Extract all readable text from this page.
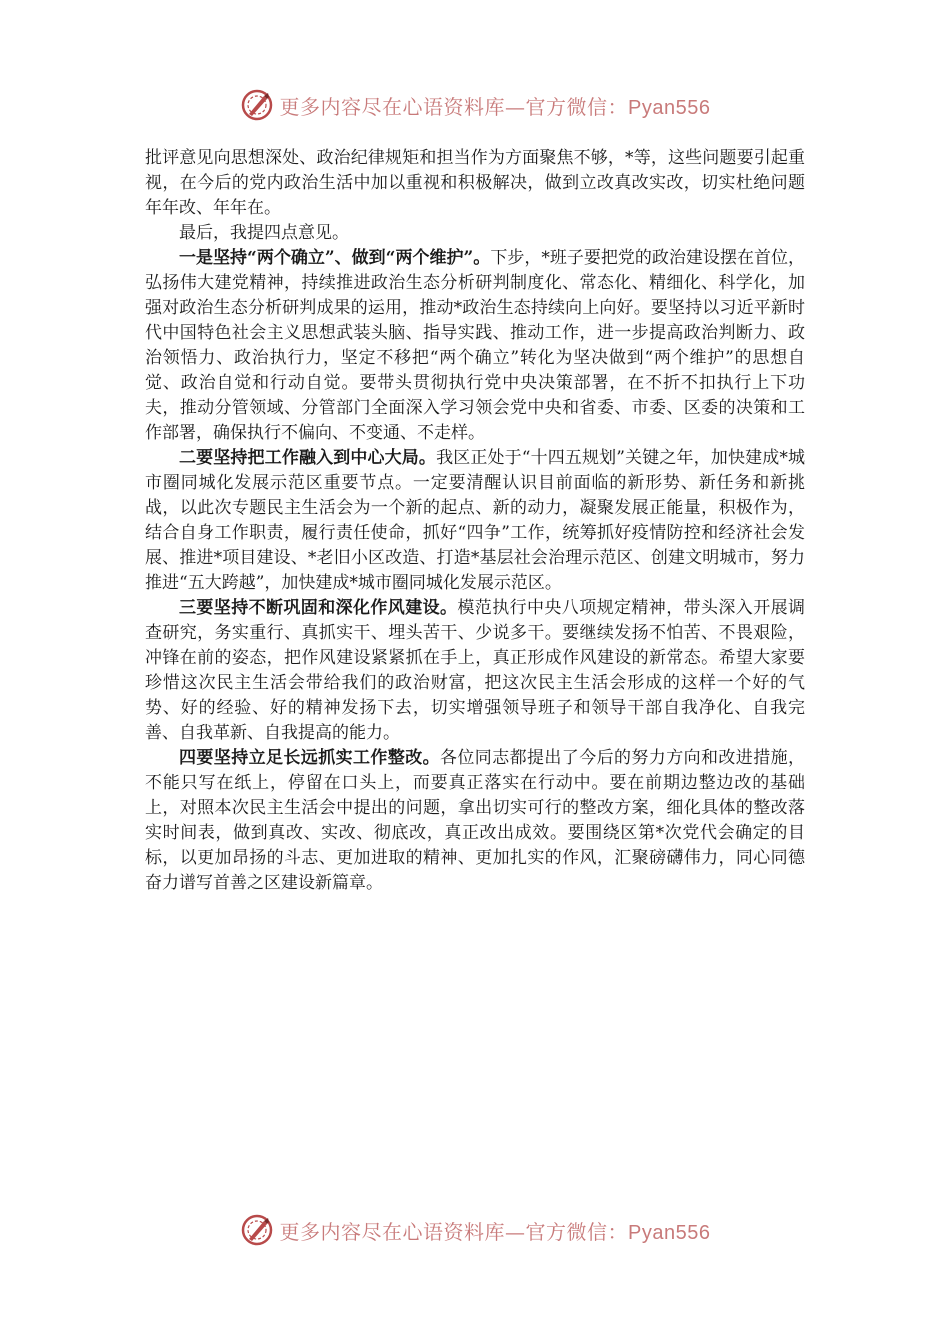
更多内容尽在心语资料库—官方微信：Pyan556

批评意见向思想深处、政治纪律规矩和担当作为方面聚焦不够，*等，这些问题要引起重视，在今后的党内政治生活中加以重视和积极解决，做到立改真改实改，切实杜绝问题年年改、年年在。

最后，我提四点意见。

一是坚持“两个确立”、做到“两个维护”。下步，*班子要把党的政治建设摆在首位，弘扬伟大建党精神，持续推进政治生态分析研判制度化、常态化、精细化、科学化，加强对政治生态分析研判成果的运用，推动*政治生态持续向上向好。要坚持以习近平新时代中国特色社会主义思想武装头脑、指导实践、推动工作，进一步提高政治判断力、政治领悟力、政治执行力，坚定不移把“两个确立”转化为坚决做到“两个维护”的思想自觉、政治自觉和行动自觉。要带头贯彻执行党中央决策部署，在不折不扣执行上下功夫，推动分管领域、分管部门全面深入学习领会党中央和省委、市委、区委的决策和工作部署，确保执行不偏向、不变通、不走样。

二要坚持把工作融入到中心大局。我区正处于“十四五规划”关键之年，加快建成*城市圈同城化发展示范区重要节点。一定要清醒认识目前面临的新形势、新任务和新挑战，以此次专题民主生活会为一个新的起点、新的动力，凝聚发展正能量，积极作为，结合自身工作职责，履行责任使命，抓好“四争”工作，统筹抓好疫情防控和经济社会发展、推进*项目建设、*老旧小区改造、打造*基层社会治理示范区、创建文明城市，努力推进“五大跨越”，加快建成*城市圈同城化发展示范区。

三要坚持不断巩固和深化作风建设。模范执行中央八项规定精神，带头深入开展调查研究，务实重行、真抓实干、埋头苦干、少说多干。要继续发扬不怕苦、不畏艰险，冲锋在前的姿态，把作风建设紧紧抓在手上，真正形成作风建设的新常态。希望大家要珍惜这次民主生活会带给我们的政治财富，把这次民主生活会形成的这样一个好的气势、好的经验、好的精神发扬下去，切实增强领导班子和领导干部自我净化、自我完善、自我革新、自我提高的能力。

四要坚持立足长远抓实工作整改。各位同志都提出了今后的努力方向和改进措施，不能只写在纸上，停留在口头上，而要真正落实在行动中。要在前期边整边改的基础上，对照本次民主生活会中提出的问题，拿出切实可行的整改方案，细化具体的整改落实时间表，做到真改、实改、彻底改，真正改出成效。要围绕区第*次党代会确定的目标，以更加昂扬的斗志、更加进取的精神、更加扎实的作风，汇聚磅礴伟力，同心同德奋力谱写首善之区建设新篇章。

更多内容尽在心语资料库—官方微信：Pyan556
